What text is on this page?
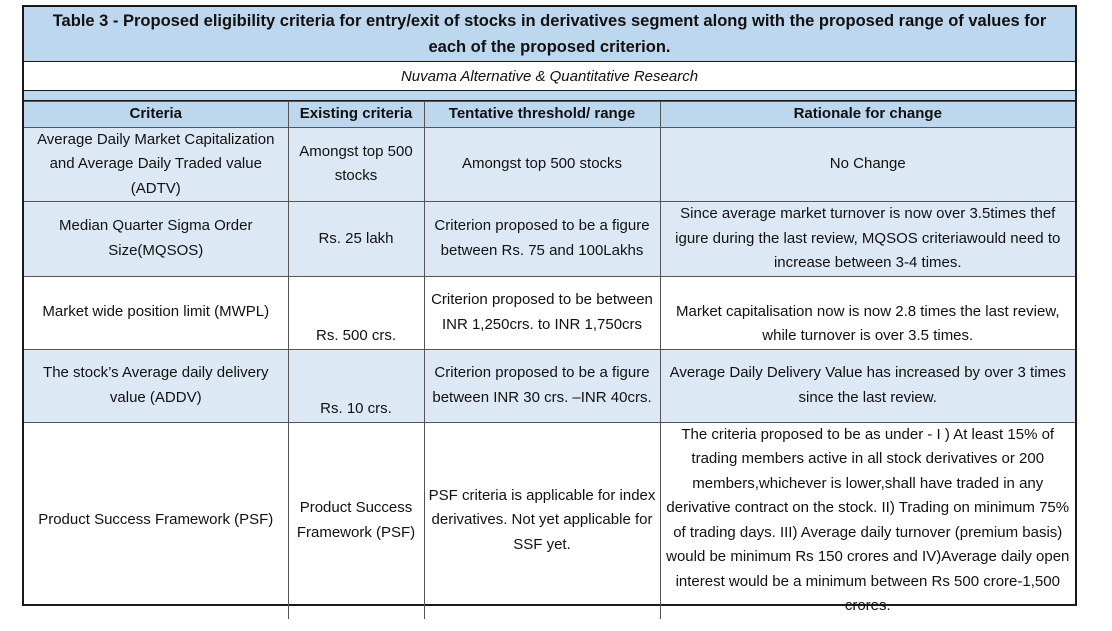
Table 3 - Proposed eligibility criteria for entry/exit of stocks in derivatives segment along with the proposed range of values for each of the proposed criterion.
Nuvama Alternative & Quantitative Research
Criteria	Existing criteria	Tentative threshold/ range	Rationale for change
Average Daily Market Capitalization and Average Daily Traded value (ADTV)	Amongst top 500 stocks	Amongst top 500 stocks	No Change
Median Quarter Sigma Order Size(MQSOS)	Rs. 25 lakh	Criterion proposed to be a figure between Rs. 75 and 100Lakhs	Since average market turnover is now over 3.5times thef igure during the last review, MQSOS criteriawould need to increase between 3-4 times.
Market wide position limit (MWPL)	Rs. 500 crs.	Criterion proposed to be between INR 1,250crs. to INR 1,750crs	Market capitalisation now is now 2.8 times the last review, while turnover is over 3.5 times.
The stock’s Average daily delivery value (ADDV)	Rs. 10 crs.	Criterion proposed to be a figure between INR 30 crs. –INR 40crs.	Average Daily Delivery Value has increased by over 3 times since the last review.
Product Success Framework (PSF)	Product Success Framework (PSF)	PSF criteria is applicable for index derivatives. Not yet applicable for SSF yet.	The criteria proposed to be as under - I ) At least 15% of trading members active in all stock derivatives or 200 members,whichever is lower,shall have traded in any derivative contract on the stock. II) Trading on minimum 75% of trading days. III) Average daily turnover (premium basis) would be minimum Rs 150 crores and IV)Average daily open interest would be a minimum between Rs 500 crore-1,500 crores.
